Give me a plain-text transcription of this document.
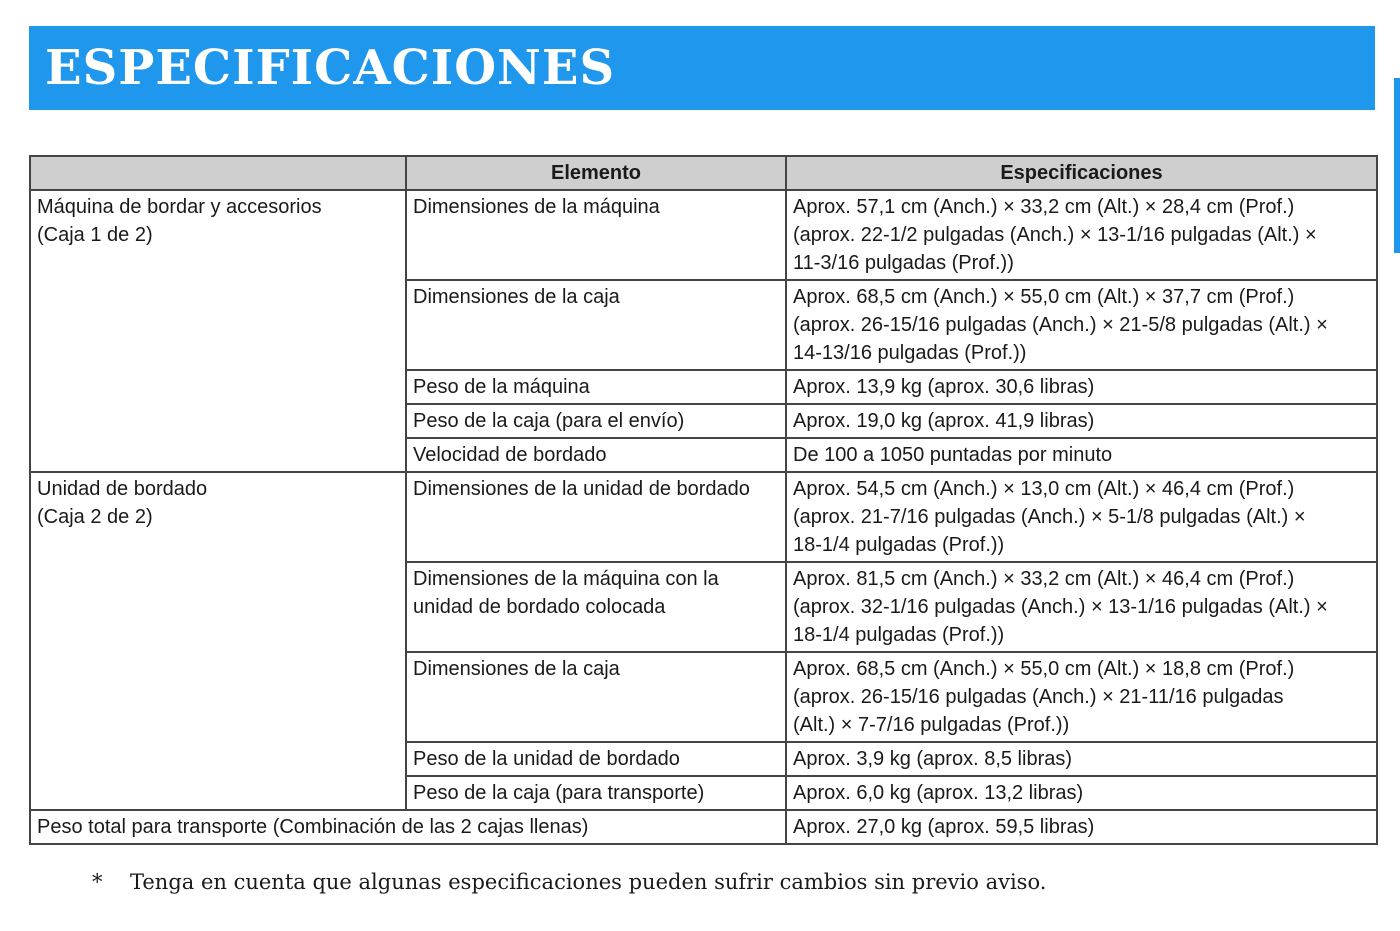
ESPECIFICACIONES
	Elemento	Especificaciones

Máquina de bordar y accesorios
(Caja 1 de 2)	Dimensiones de la máquina	Aprox. 57,1 cm (Anch.) × 33,2 cm (Alt.) × 28,4 cm (Prof.)
(aprox. 22-1/2 pulgadas (Anch.) × 13-1/16 pulgadas (Alt.) ×
11-3/16 pulgadas (Prof.))

	Dimensiones de la caja	Aprox. 68,5 cm (Anch.) × 55,0 cm (Alt.) × 37,7 cm (Prof.)
(aprox. 26-15/16 pulgadas (Anch.) × 21-5/8 pulgadas (Alt.) ×
14-13/16 pulgadas (Prof.))

	Peso de la máquina	Aprox. 13,9 kg (aprox. 30,6 libras)

	Peso de la caja (para el envío)	Aprox. 19,0 kg (aprox. 41,9 libras)

	Velocidad de bordado	De 100 a 1050 puntadas por minuto

Unidad de bordado
(Caja 2 de 2)	Dimensiones de la unidad de bordado	Aprox. 54,5 cm (Anch.) × 13,0 cm (Alt.) × 46,4 cm (Prof.)
(aprox. 21-7/16 pulgadas (Anch.) × 5-1/8 pulgadas (Alt.) ×
18-1/4 pulgadas (Prof.))

	Dimensiones de la máquina con la
unidad de bordado colocada	Aprox. 81,5 cm (Anch.) × 33,2 cm (Alt.) × 46,4 cm (Prof.)
(aprox. 32-1/16 pulgadas (Anch.) × 13-1/16 pulgadas (Alt.) ×
18-1/4 pulgadas (Prof.))

	Dimensiones de la caja	Aprox. 68,5 cm (Anch.) × 55,0 cm (Alt.) × 18,8 cm (Prof.)
(aprox. 26-15/16 pulgadas (Anch.) × 21-11/16 pulgadas
(Alt.) × 7-7/16 pulgadas (Prof.))

	Peso de la unidad de bordado	Aprox. 3,9 kg (aprox. 8,5 libras)

	Peso de la caja (para transporte)	Aprox. 6,0 kg (aprox. 13,2 libras)

Peso total para transporte (Combinación de las 2 cajas llenas)		Aprox. 27,0 kg (aprox. 59,5 libras)
* Tenga en cuenta que algunas especificaciones pueden sufrir cambios sin previo aviso.
